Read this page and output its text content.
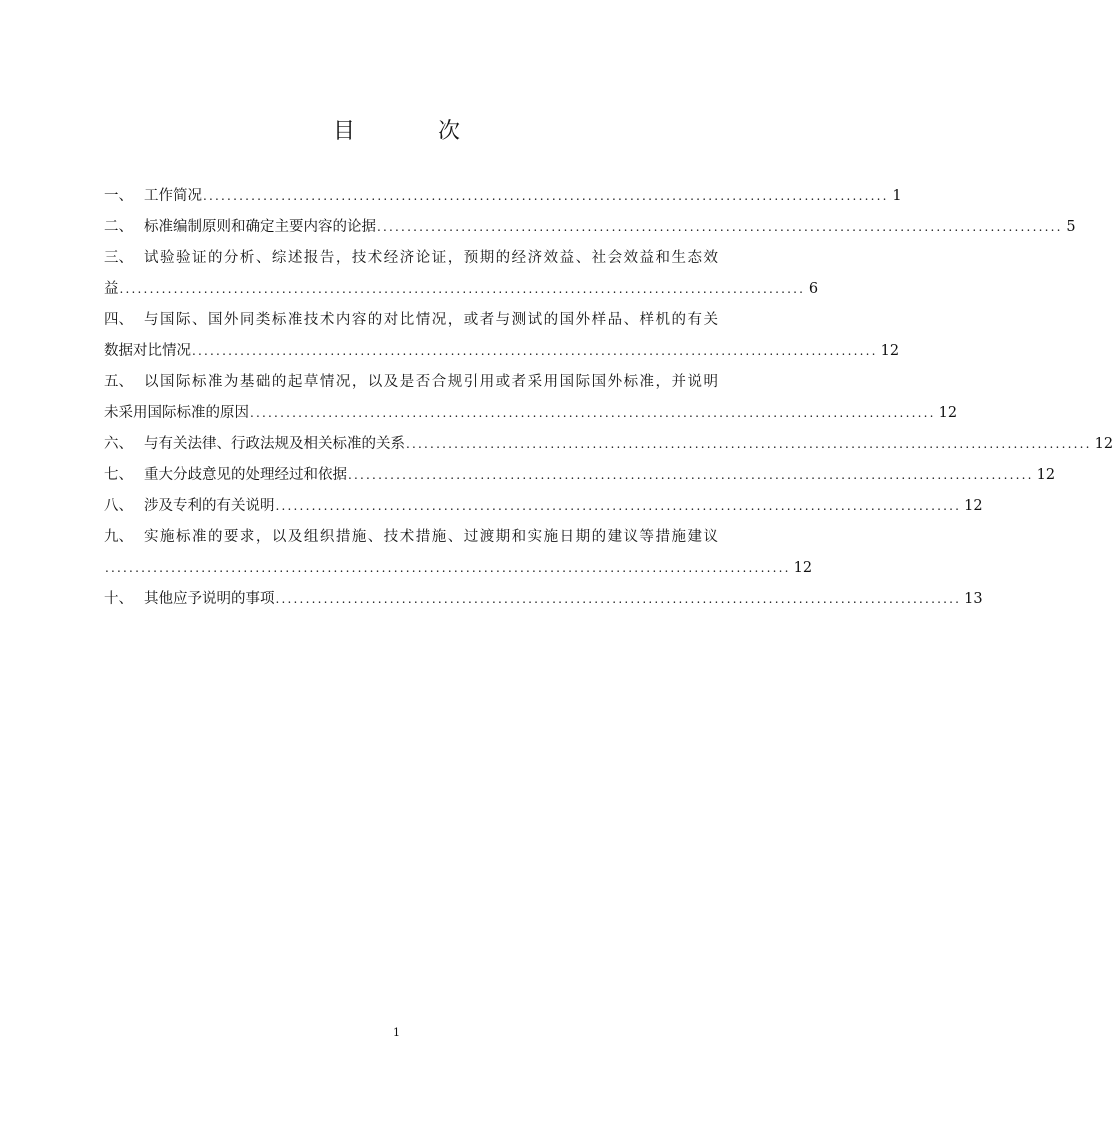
目 次
一、 工作简况 .................................................................................................................. 1
二、 标准编制原则和确定主要内容的论据 .................................................................................................................. 5
三、 试验验证的分析、综述报告，技术经济论证，预期的经济效益、社会效益和生态效
益 .................................................................................................................. 6
四、 与国际、国外同类标准技术内容的对比情况，或者与测试的国外样品、样机的有关
数据对比情况 .................................................................................................................. 12
五、 以国际标准为基础的起草情况，以及是否合规引用或者采用国际国外标准，并说明
未采用国际标准的原因 .................................................................................................................. 12
六、 与有关法律、行政法规及相关标准的关系 .................................................................................................................. 12
七、 重大分歧意见的处理经过和依据 .................................................................................................................. 12
八、 涉及专利的有关说明 .................................................................................................................. 12
九、 实施标准的要求，以及组织措施、技术措施、过渡期和实施日期的建议等措施建议
.................................................................................................................. 12
十、 其他应予说明的事项 .................................................................................................................. 13
1
